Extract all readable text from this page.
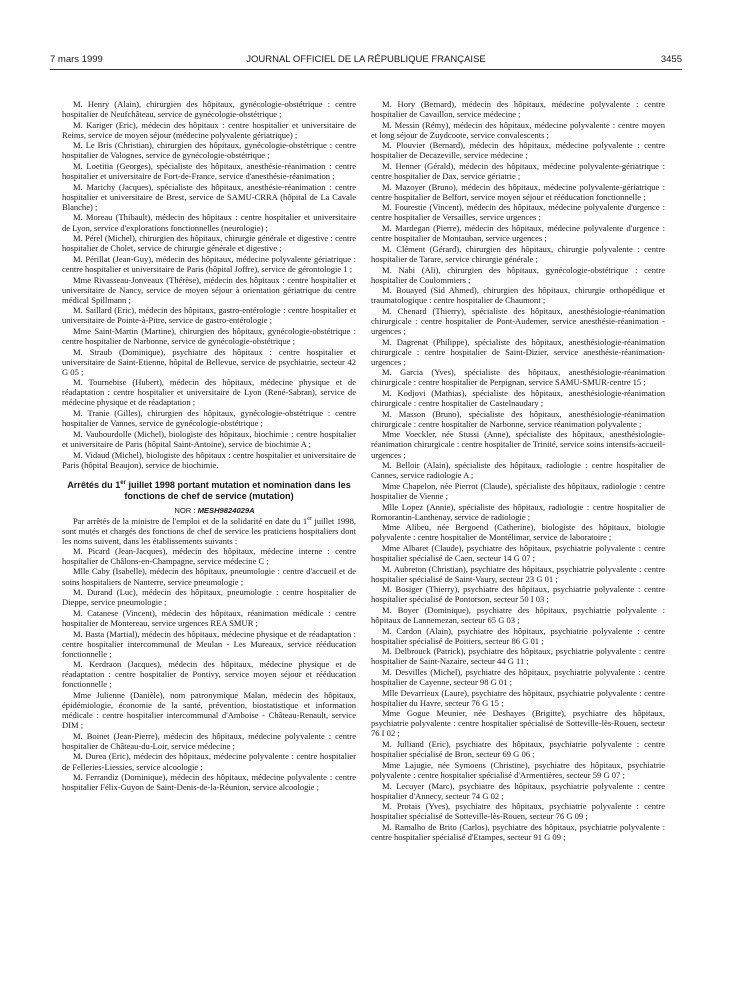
JOURNAL OFFICIEL DE LA RÉPUBLIQUE FRANÇAISE
7 mars 1999	3455

M. Henry (Alain), chirurgien des hôpitaux, gynécologie-obstétrique : centre hospitalier de Neufchâteau, service de gynécologie-obstétrique ;

M. Kariger (Eric), médecin des hôpitaux : centre hospitalier et universitaire de Reims, service de moyen séjour (médecine polyvalente gériatrique) ;

M. Le Bris (Christian), chirurgien des hôpitaux, gynécologie-obstétrique : centre hospitalier de Valognes, service de gynécologie-obstétrique ;

M. Loetitia (Georges), spécialiste des hôpitaux, anesthésie-réanimation : centre hospitalier et universitaire de Fort-de-France, service d'anesthésie-réanimation ;

M. Marichy (Jacques), spécialiste des hôpitaux, anesthésie-réanimation : centre hospitalier et universitaire de Brest, service de SAMU-CRRA (hôpital de La Cavale Blanche) ;

M. Moreau (Thibault), médecin des hôpitaux : centre hospitalier et universitaire de Lyon, service d'explorations fonctionnelles (neurologie) ;

M. Pérel (Michel), chirurgien des hôpitaux, chirurgie générale et digestive : centre hospitalier de Cholet, service de chirurgie générale et digestive ;

M. Périllat (Jean-Guy), médecin des hôpitaux, médecine polyvalente gériatrique : centre hospitalier et universitaire de Paris (hôpital Joffre), service de gérontologie 1 ;

Mme Rivasseau-Jonveaux (Thérèse), médecin des hôpitaux : centre hospitalier et universitaire de Nancy, service de moyen séjour à orientation gériatrique du centre médical Spillmann ;

M. Saillard (Eric), médecin des hôpitaux, gastro-entérologie : centre hospitalier et universitaire de Pointe-à-Pitre, service de gastro-entérologie ;

Mme Saint-Martin (Martine), chirurgien des hôpitaux, gynécologie-obstétrique : centre hospitalier de Narbonne, service de gynécologie-obstétrique ;

M. Straub (Dominique), psychiatre des hôpitaux : centre hospitalier et universitaire de Saint-Etienne, hôpital de Bellevue, service de psychiatrie, secteur 42 G 05 ;

M. Tournebise (Hubert), médecin des hôpitaux, médecine physique et de réadaptation : centre hospitalier et universitaire de Lyon (René-Sabran), service de médecine physique et de réadaptation ;

M. Tranie (Gilles), chirurgien des hôpitaux, gynécologie-obstétrique : centre hospitalier de Vannes, service de gynécologie-obstétrique ;

M. Vaubourdolle (Michel), biologiste des hôpitaux, biochimie : centre hospitalier et universitaire de Paris (hôpital Saint-Antoine), service de biochimie A ;

M. Vidaud (Michel), biologiste des hôpitaux : centre hospitalier et universitaire de Paris (hôpital Beaujon), service de biochimie.

Arrêtés du 1er juillet 1998 portant mutation et nomination dans les fonctions de chef de service (mutation)

NOR : MESH9824029A

Par arrêtés de la ministre de l'emploi et de la solidarité en date du 1er juillet 1998, sont mutés et chargés des fonctions de chef de service les praticiens hospitaliers dont les noms suivent, dans les établissements suivants :

M. Picard (Jean-Jacques), médecin des hôpitaux, médecine interne : centre hospitalier de Châlons-en-Champagne, service médecine C ;

Mlle Caby (Isabelle), médecin des hôpitaux, pneumologie : centre d'accueil et de soins hospitaliers de Nanterre, service pneumologie ;

M. Durand (Luc), médecin des hôpitaux, pneumologie : centre hospitalier de Dieppe, service pneumologie ;

M. Catanese (Vincent), médecin des hôpitaux, réanimation médicale : centre hospitalier de Montereau, service urgences REA SMUR ;

M. Basta (Martial), médecin des hôpitaux, médecine physique et de réadaptation : centre hospitalier intercommunal de Meulan - Les Mureaux, service rééducation fonctionnelle ;

M. Kerdraon (Jacques), médecin des hôpitaux, médecine physique et de réadaptation : centre hospitalier de Pontivy, service moyen séjour et rééducation fonctionnelle ;

Mme Julienne (Danièle), nom patronymique Malan, médecin des hôpitaux, épidémiologie, économie de la santé, prévention, biostatistique et information médicale : centre hospitalier intercommunal d'Amboise - Château-Renault, service DIM ;

M. Boinet (Jean-Pierre), médecin des hôpitaux, médecine polyvalente : centre hospitalier de Château-du-Loir, service médecine ;

M. Durea (Eric), médecin des hôpitaux, médecine polyvalente : centre hospitalier de Felleries-Liessies, service alcoologie ;

M. Ferrandiz (Dominique), médecin des hôpitaux, médecine polyvalente : centre hospitalier Félix-Guyon de Saint-Denis-de-la-Réunion, service alcoologie ;

M. Hory (Bernard), médecin des hôpitaux, médecine polyvalente : centre hospitalier de Cavaillon, service médecine ;

M. Messin (Rémy), médecin des hôpitaux, médecine polyvalente : centre moyen et long séjour de Zuydcoote, service convalescents ;

M. Plouvier (Bernard), médecin des hôpitaux, médecine polyvalente : centre hospitalier de Decazeville, service médecine ;

M. Henner (Gérald), médecin des hôpitaux, médecine polyvalente-gériatrique : centre hospitalier de Dax, service gériatrie ;

M. Mazoyer (Bruno), médecin des hôpitaux, médecine polyvalente-gériatrique : centre hospitalier de Belfort, service moyen séjour et rééducation fonctionnelle ;

M. Fourestie (Vincent), médecin des hôpitaux, médecine polyvalente d'urgence : centre hospitalier de Versailles, service urgences ;

M. Mardegan (Pierre), médecin des hôpitaux, médecine polyvalente d'urgence : centre hospitalier de Montauban, service urgences ;

M. Clément (Gérard), chirurgien des hôpitaux, chirurgie polyvalente : centre hospitalier de Tarare, service chirurgie générale ;

M. Nabi (Ali), chirurgien des hôpitaux, gynécologie-obstétrique : centre hospitalier de Coulommiers ;

M. Bouayed (Sid Ahmed), chirurgien des hôpitaux, chirurgie orthopédique et traumatologique : centre hospitalier de Chaumont ;

M. Chenard (Thierry), spécialiste des hôpitaux, anesthésiologie-réanimation chirurgicale : centre hospitalier de Pont-Audemer, service anesthésie-réanimation - urgences ;

M. Dagrenat (Philippe), spécialiste des hôpitaux, anesthésiologie-réanimation chirurgicale : centre hospitalier de Saint-Dizier, service anesthésie-réanimation-urgences ;

M. Garcia (Yves), spécialiste des hôpitaux, anesthésiologie-réanimation chirurgicale : centre hospitalier de Perpignan, service SAMU-SMUR-centre 15 ;

M. Kodjovi (Mathias), spécialiste des hôpitaux, anesthésiologie-réanimation chirurgicale : centre hospitalier de Castelnaudary ;

M. Masson (Bruno), spécialiste des hôpitaux, anesthésiologie-réanimation chirurgicale : centre hospitalier de Narbonne, service réanimation polyvalente ;

Mme Voeckler, née Stussi (Anne), spécialiste des hôpitaux, anesthésiologie-réanimation chirurgicale : centre hospitalier de Trinité, service soins intensifs-accueil-urgences ;

M. Belloir (Alain), spécialiste des hôpitaux, radiologie : centre hospitalier de Cannes, service radiologie A ;

Mme Chapelon, née Pierrot (Claude), spécialiste des hôpitaux, radiologie : centre hospitalier de Vienne ;

Mlle Lopez (Annie), spécialiste des hôpitaux, radiologie : centre hospitalier de Romorantin-Lanthenay, service de radiologie ;

Mme Alibeu, née Bergoend (Catherine), biologiste des hôpitaux, biologie polyvalente : centre hospitalier de Montélimar, service de laboratoire ;

Mme Albaret (Claude), psychiatre des hôpitaux, psychiatrie polyvalente : centre hospitalier spécialisé de Caen, secteur 14 G 07 ;

M. Aubreton (Christian), psychiatre des hôpitaux, psychiatrie polyvalente : centre hospitalier spécialisé de Saint-Vaury, secteur 23 G 01 ;

M. Bosiger (Thierry), psychiatre des hôpitaux, psychiatrie polyvalente : centre hospitalier spécialisé de Pontorson, secteur 50 I 03 ;

M. Boyer (Dominique), psychiatre des hôpitaux, psychiatrie polyvalente : hôpitaux de Lannemezan, secteur 65 G 03 ;

M. Cardon (Alain), psychiatre des hôpitaux, psychiatrie polyvalente : centre hospitalier spécialisé de Poitiers, secteur 86 G 01 ;

M. Delbrouck (Patrick), psychiatre des hôpitaux, psychiatrie polyvalente : centre hospitalier de Saint-Nazaire, secteur 44 G 11 ;

M. Desvilles (Michel), psychiatre des hôpitaux, psychiatrie polyvalente : centre hospitalier de Cayenne, secteur 98 G 01 ;

Mlle Devarrieux (Laure), psychiatre des hôpitaux, psychiatrie polyvalente : centre hospitalier du Havre, secteur 76 G 15 ;

Mme Gogue Meunier, née Deshayes (Brigitte), psychiatre des hôpitaux, psychiatrie polyvalente : centre hospitalier spécialisé de Sotteville-lès-Rouen, secteur 76 I 02 ;

M. Julliand (Eric), psychiatre des hôpitaux, psychiatrie polyvalente : centre hospitalier spécialisé de Bron, secteur 69 G 06 ;

Mme Lajugie, née Symoens (Christine), psychiatre des hôpitaux, psychiatrie polyvalente : centre hospitalier spécialisé d'Armentières, secteur 59 G 07 ;

M. Lecuyer (Marc), psychiatre des hôpitaux, psychiatrie polyvalente : centre hospitalier d'Annecy, secteur 74 G 02 ;

M. Protais (Yves), psychiatre des hôpitaux, psychiatrie polyvalente : centre hospitalier spécialisé de Sotteville-lès-Rouen, secteur 76 G 09 ;

M. Ramalho de Brito (Carlos), psychiatre des hôpitaux, psychiatrie polyvalente : centre hospitalier spécialisé d'Etampes, secteur 91 G 09 ;
